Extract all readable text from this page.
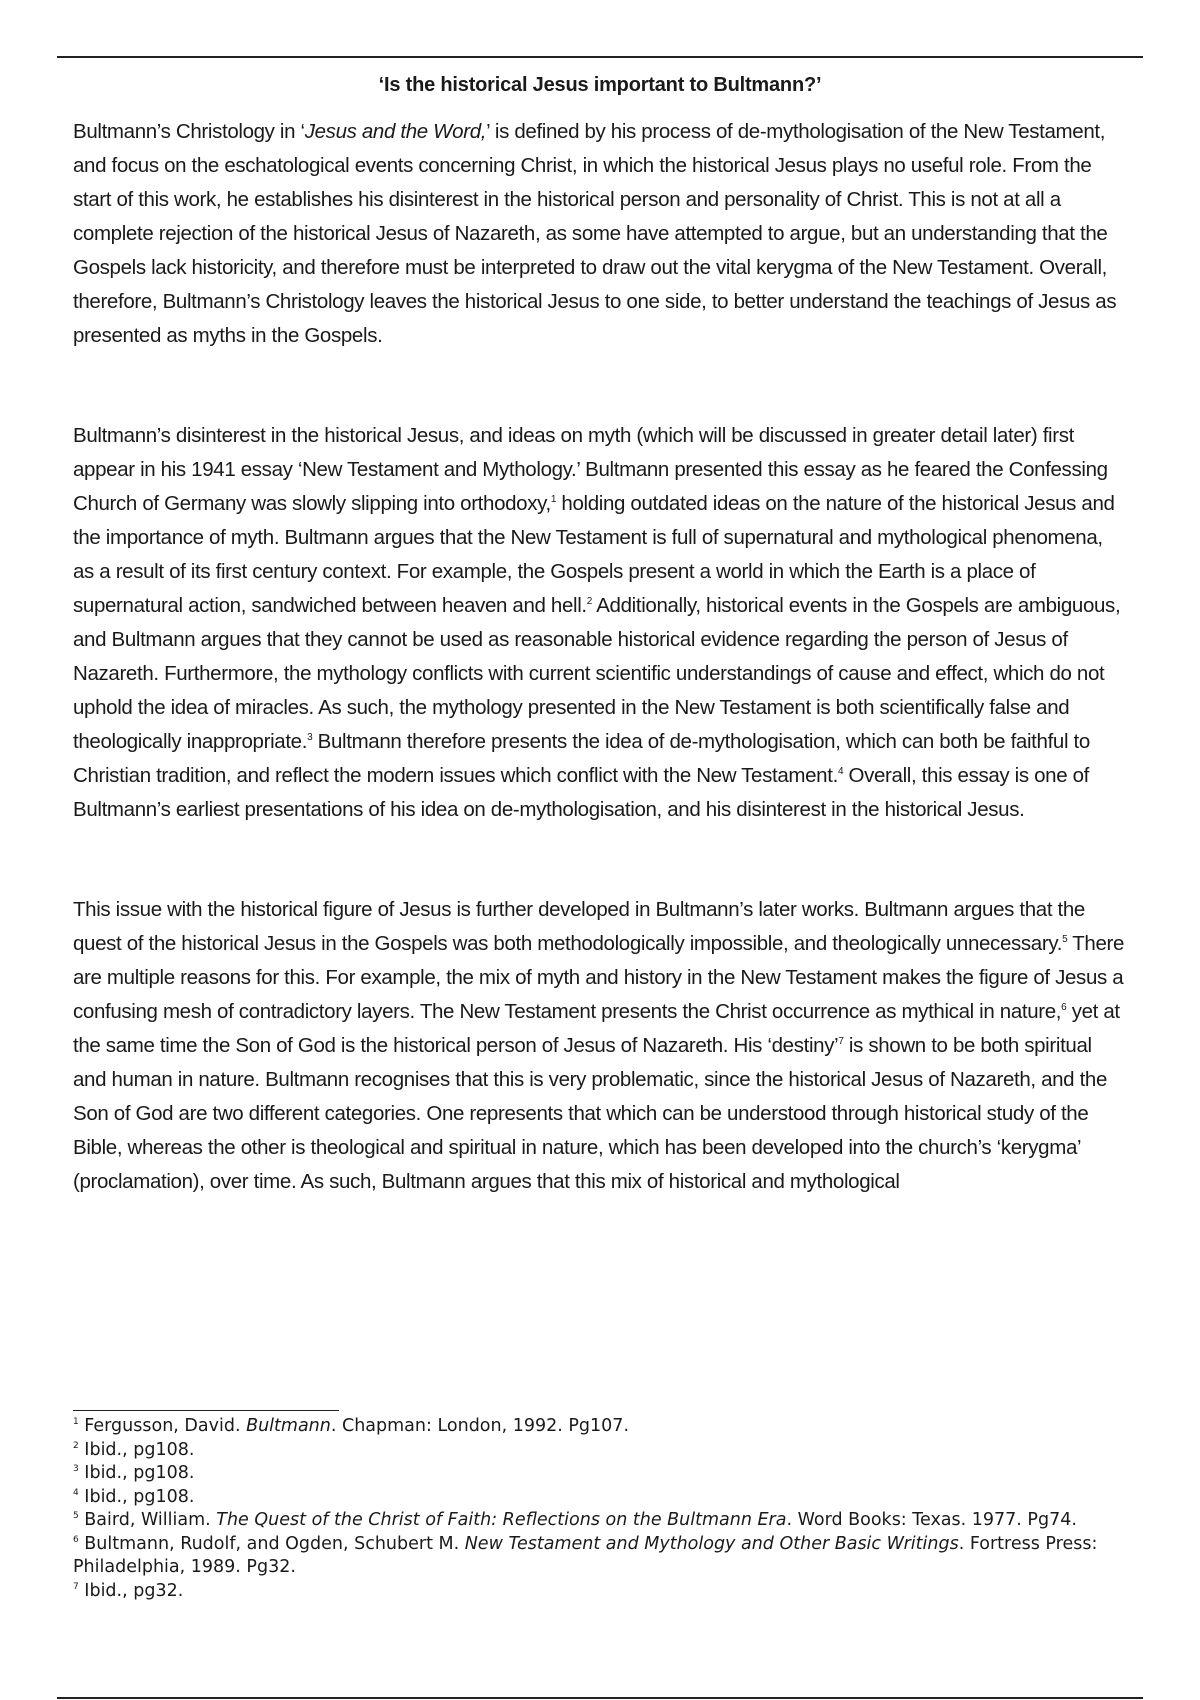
‘Is the historical Jesus important to Bultmann?’

Bultmann’s Christology in ‘Jesus and the Word,’ is defined by his process of de-mythologisation of the New Testament, and focus on the eschatological events concerning Christ, in which the historical Jesus plays no useful role. From the start of this work, he establishes his disinterest in the historical person and personality of Christ. This is not at all a complete rejection of the historical Jesus of Nazareth, as some have attempted to argue, but an understanding that the Gospels lack historicity, and therefore must be interpreted to draw out the vital kerygma of the New Testament. Overall, therefore, Bultmann’s Christology leaves the historical Jesus to one side, to better understand the teachings of Jesus as presented as myths in the Gospels.

Bultmann’s disinterest in the historical Jesus, and ideas on myth (which will be discussed in greater detail later) first appear in his 1941 essay ‘New Testament and Mythology.’ Bultmann presented this essay as he feared the Confessing Church of Germany was slowly slipping into orthodoxy,$^1$ holding outdated ideas on the nature of the historical Jesus and the importance of myth. Bultmann argues that the New Testament is full of supernatural and mythological phenomena, as a result of its first century context. For example, the Gospels present a world in which the Earth is a place of supernatural action, sandwiched between heaven and hell.$^2$ Additionally, historical events in the Gospels are ambiguous, and Bultmann argues that they cannot be used as reasonable historical evidence regarding the person of Jesus of Nazareth. Furthermore, the mythology conflicts with current scientific understandings of cause and effect, which do not uphold the idea of miracles. As such, the mythology presented in the New Testament is both scientifically false and theologically inappropriate.$^3$ Bultmann therefore presents the idea of de-mythologisation, which can both be faithful to Christian tradition, and reflect the modern issues which conflict with the New Testament.$^4$ Overall, this essay is one of Bultmann’s earliest presentations of his idea on de-mythologisation, and his disinterest in the historical Jesus.

This issue with the historical figure of Jesus is further developed in Bultmann’s later works. Bultmann argues that the quest of the historical Jesus in the Gospels was both methodologically impossible, and theologically unnecessary.$^5$ There are multiple reasons for this. For example, the mix of myth and history in the New Testament makes the figure of Jesus a confusing mesh of contradictory layers. The New Testament presents the Christ occurrence as mythical in nature,$^6$ yet at the same time the Son of God is the historical person of Jesus of Nazareth. His ‘destiny’$^7$ is shown to be both spiritual and human in nature. Bultmann recognises that this is very problematic, since the historical Jesus of Nazareth, and the Son of God are two different categories. One represents that which can be understood through historical study of the Bible, whereas the other is theological and spiritual in nature, which has been developed into the church’s ‘kerygma’ (proclamation), over time. As such, Bultmann argues that this mix of historical and mythological

$^1$ Fergusson, David. Bultmann. Chapman: London, 1992. Pg107.

$^2$ Ibid., pg108.

$^3$ Ibid., pg108.

$^4$ Ibid., pg108.

$^5$ Baird, William. The Quest of the Christ of Faith: Reflections on the Bultmann Era. Word Books: Texas. 1977. Pg74.

$^6$ Bultmann, Rudolf, and Ogden, Schubert M. New Testament and Mythology and Other Basic Writings. Fortress Press: Philadelphia, 1989. Pg32.

$^7$ Ibid., pg32.
